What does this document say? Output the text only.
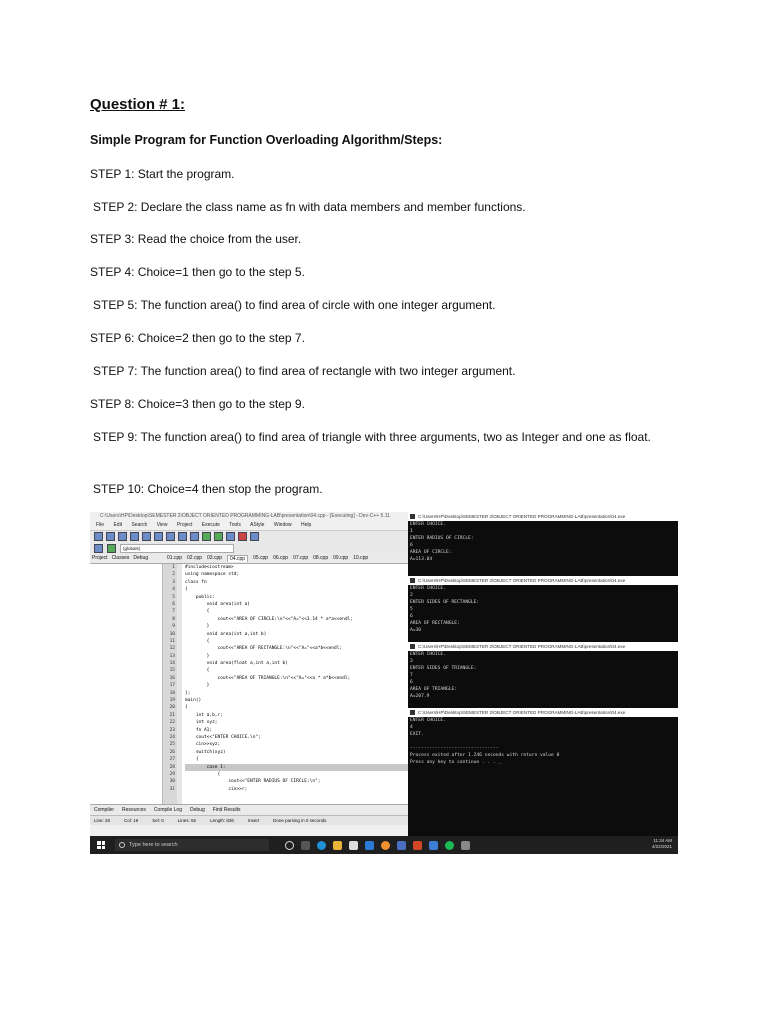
Question # 1:

Simple Program for Function Overloading Algorithm/Steps:

STEP 1: Start the program.

STEP 2: Declare the class name as fn with data members and member functions.

STEP 3: Read the choice from the user.

STEP 4: Choice=1 then go to the step 5.

STEP 5: The function area() to find area of circle with one integer argument.

STEP 6: Choice=2 then go to the step 7.

STEP 7: The function area() to find area of rectangle with two integer argument.

STEP 8: Choice=3 then go to the step 9.

STEP 9: The function area() to find area of triangle with three arguments, two as Integer and one as float.

STEP 10: Choice=4 then stop the program.

C:\Users\HP\Desktop\SEMESTER 2\OBJECT ORIENTED PROGRAMMING-LAB\presentation\04.cpp - [Executing] - Dev-C++ 5.11
File Edit Search View Project Execute Tools AStyle Window Help
(globals)
Project Classes Debug	01.cpp 02.cpp 03.cpp	04.cpp	05.cpp 06.cpp 07.cpp 08.cpp 09.cpp 10.cpp
1
2
3
4
5
6
7
8
9
10
11
12
13
14
15
16
17
18
19
20
21
22
23
24
25
26
27
28
29
30
31
#include<iostream>
using namespace std;
class fn
{
public:
void area(int a)
{
cout<<"AREA OF CIRCLE:\n"<<"A="<<3.14 * a*a<<endl;
}
void area(int a,int b)
{
cout<<"AREA OF RECTANGLE:\n"<<"A="<<a*b<<endl;
}
void area(float a,int a,int b)
{
cout<<"AREA OF TRIANGLE:\n"<<"A="<<a * a*b<<endl;
}
};
main()
{
int a,b,r;
int xyz;
fn A1;
cout<<"ENTER CHOICE.\n";
cin>>xyz;
switch(xyz)
{
case 1:
{
cout<<"ENTER RADIUS OF CIRCLE:\n";
cin>>r;
Compiler Resources Compile Log Debug Find Results
Line: 28	Col: 16	Sel: 0	Lines: 55	Length: 836	Insert	Done parsing in 0 seconds
C:\Users\HP\Desktop\SEMESTER 2\OBJECT ORIENTED PROGRAMMING-LAB\presentation\04.exe
ENTER CHOICE.
1
ENTER RADIUS OF CIRCLE:
6
AREA OF CIRCLE:
A=113.04
C:\Users\HP\Desktop\SEMESTER 2\OBJECT ORIENTED PROGRAMMING-LAB\presentation\04.exe
ENTER CHOICE.
2
ENTER SIDES OF RECTANGLE:
5
6
AREA OF RECTANGLE:
A=30
C:\Users\HP\Desktop\SEMESTER 2\OBJECT ORIENTED PROGRAMMING-LAB\presentation\04.exe
ENTER CHOICE.
3
ENTER SIDES OF TRIANGLE:
7
6
AREA OF TRIANGLE:
A=207.9
C:\Users\HP\Desktop\SEMESTER 2\OBJECT ORIENTED PROGRAMMING-LAB\presentation\04.exe
ENTER CHOICE.
4
EXIT.
--------------------------------
Process exited after 1.246 seconds with return value 0
Press any key to continue . . . _
Type here to search
11:34 AM
4/22/2021
